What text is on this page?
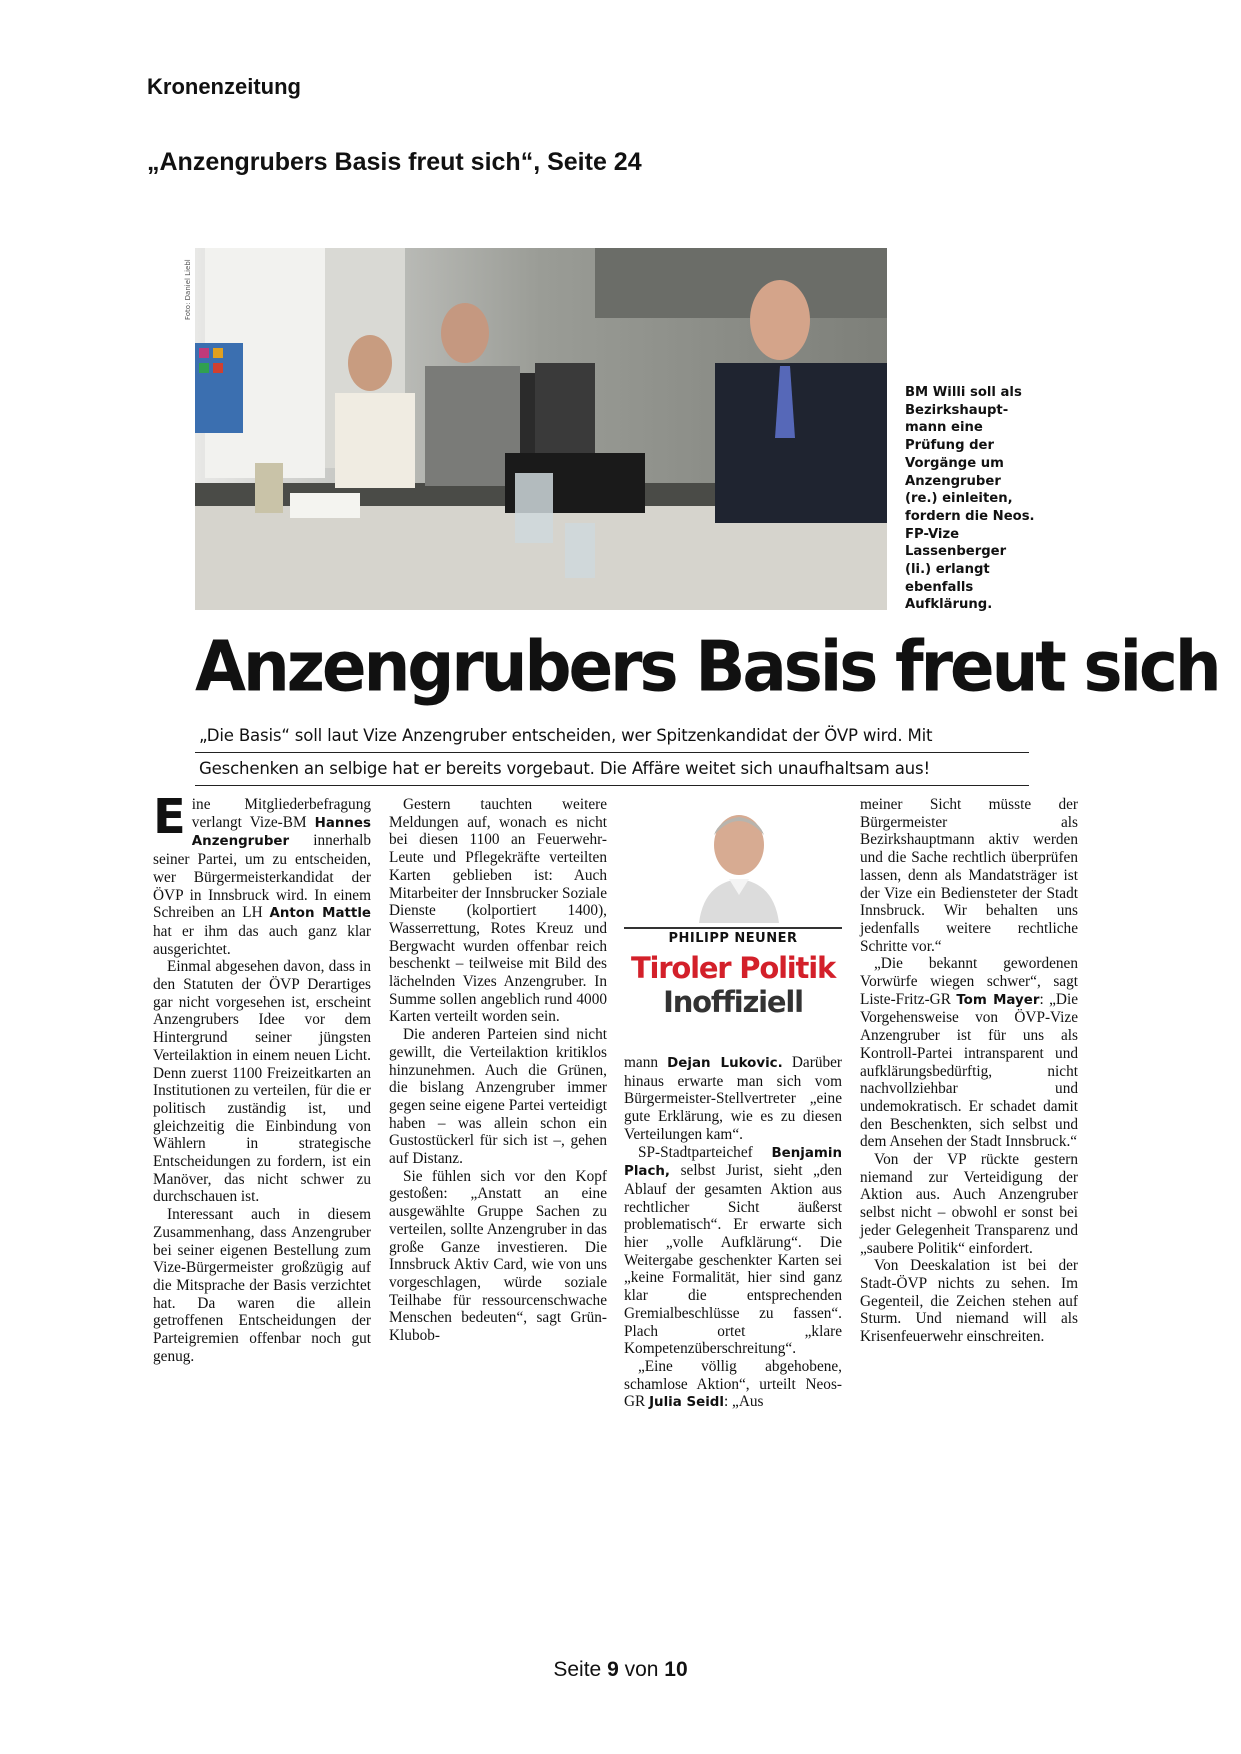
Kronenzeitung
„Anzengrubers Basis freut sich“, Seite 24
Foto: Daniel Liebl
BM Willi soll als Bezirkshaupt-mann eine Prüfung der Vorgänge um Anzengruber (re.) einleiten, fordern die Neos. FP-Vize Lassenberger (li.) erlangt ebenfalls Aufklärung.
Anzengrubers Basis freut sich
„Die Basis“ soll laut Vize Anzengruber entscheiden, wer Spitzenkandidat der ÖVP wird. Mit
Geschenken an selbige hat er bereits vorgebaut. Die Affäre weitet sich unaufhaltsam aus!

Eine Mitgliederbefragung verlangt Vize-BM Hannes Anzengruber innerhalb seiner Partei, um zu entscheiden, wer Bürgermeisterkandidat der ÖVP in Innsbruck wird. In einem Schreiben an LH Anton Mattle hat er ihm das auch ganz klar ausgerichtet.

Einmal abgesehen davon, dass in den Statuten der ÖVP Derartiges gar nicht vorgesehen ist, erscheint Anzengrubers Idee vor dem Hintergrund seiner jüngsten Verteilaktion in einem neuen Licht. Denn zuerst 1100 Freizeitkarten an Institutionen zu verteilen, für die er politisch zuständig ist, und gleichzeitig die Einbindung von Wählern in strategische Entscheidungen zu fordern, ist ein Manöver, das nicht schwer zu durchschauen ist.

Interessant auch in diesem Zusammenhang, dass Anzengruber bei seiner eigenen Bestellung zum Vize-Bürgermeister großzügig auf die Mitsprache der Basis verzichtet hat. Da waren die allein getroffenen Entscheidungen der Parteigremien offenbar noch gut genug.

Gestern tauchten weitere Meldungen auf, wonach es nicht bei diesen 1100 an Feuerwehr-Leute und Pflegekräfte verteilten Karten geblieben ist: Auch Mitarbeiter der Innsbrucker Soziale Dienste (kolportiert 1400), Wasserrettung, Rotes Kreuz und Bergwacht wurden offenbar reich beschenkt – teilweise mit Bild des lächelnden Vizes Anzengruber. In Summe sollen angeblich rund 4000 Karten verteilt worden sein.

Die anderen Parteien sind nicht gewillt, die Verteilaktion kritiklos hinzunehmen. Auch die Grünen, die bislang Anzengruber immer gegen seine eigene Partei verteidigt haben – was allein schon ein Gustostückerl für sich ist –, gehen auf Distanz.

Sie fühlen sich vor den Kopf gestoßen: „Anstatt an eine ausgewählte Gruppe Sachen zu verteilen, sollte Anzengruber in das große Ganze investieren. Die Innsbruck Aktiv Card, wie von uns vorgeschlagen, würde soziale Teilhabe für ressourcenschwache Menschen bedeuten“, sagt Grün-Klubob-

PHILIPP NEUNER
Tiroler Politik
Inoffiziell

mann Dejan Lukovic. Darüber hinaus erwarte man sich vom Bürgermeister-Stellvertreter „eine gute Erklärung, wie es zu diesen Verteilungen kam“.

SP-Stadtparteichef Benjamin Plach, selbst Jurist, sieht „den Ablauf der gesamten Aktion aus rechtlicher Sicht äußerst problematisch“. Er erwarte sich hier „volle Aufklärung“. Die Weitergabe geschenkter Karten sei „keine Formalität, hier sind ganz klar die entsprechenden Gremialbeschlüsse zu fassen“. Plach ortet „klare Kompetenzüberschreitung“.

„Eine völlig abgehobene, schamlose Aktion“, urteilt Neos-GR Julia Seidl: „Aus

meiner Sicht müsste der Bürgermeister als Bezirkshauptmann aktiv werden und die Sache rechtlich überprüfen lassen, denn als Mandatsträger ist der Vize ein Bediensteter der Stadt Innsbruck. Wir behalten uns jedenfalls weitere rechtliche Schritte vor.“

„Die bekannt gewordenen Vorwürfe wiegen schwer“, sagt Liste-Fritz-GR Tom Mayer: „Die Vorgehensweise von ÖVP-Vize Anzengruber ist für uns als Kontroll-Partei intransparent und aufklärungsbedürftig, nicht nachvollziehbar und undemokratisch. Er schadet damit den Beschenkten, sich selbst und dem Ansehen der Stadt Innsbruck.“

Von der VP rückte gestern niemand zur Verteidigung der Aktion aus. Auch Anzengruber selbst nicht – obwohl er sonst bei jeder Gelegenheit Transparenz und „saubere Politik“ einfordert.

Von Deeskalation ist bei der Stadt-ÖVP nichts zu sehen. Im Gegenteil, die Zeichen stehen auf Sturm. Und niemand will als Krisenfeuerwehr einschreiten.

Seite 9 von 10
